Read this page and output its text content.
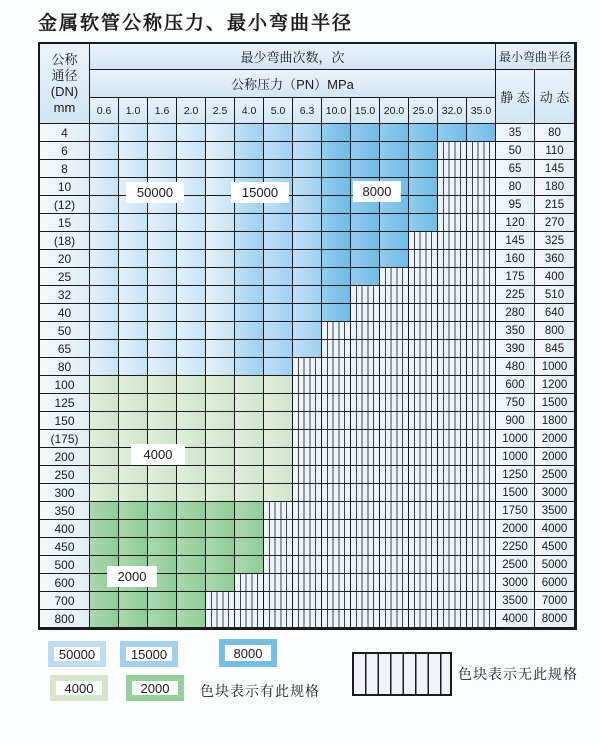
金属软管公称压力、最小弯曲半径
公称
通径
(DN)
mm
最少弯曲次数，次	最小弯曲半径
公称压力（PN）MPa
静 态 动 态
0.6	1.0	1.6	2.0	2.5	4.0	5.0	6.3	10.0 15.0 20.0 25.0 32.0 35.0
4	35	80
6	50	110
8	65	145
10	80	180
(12)	95	215
15	120	270
(18)	145	325
20	160	360
25	175	400
32	225	510
40	280	640
50	350	800
65	390	845
80	480	1000
100	600	1200
125	750	1500
150	900	1800
(175)	1000	2000
200	1000	2000
250	1250	2500
300	1500	3000
350	1750	3500
400	2000	4000
450	2250	4500
500	2500	5000
600	3000	6000
700	3500	7000
800	4000	8000
50000	15000	8000
4000
2000
50000	15000	8000
4000	2000 色块表示有此规格
色块表示无此规格
